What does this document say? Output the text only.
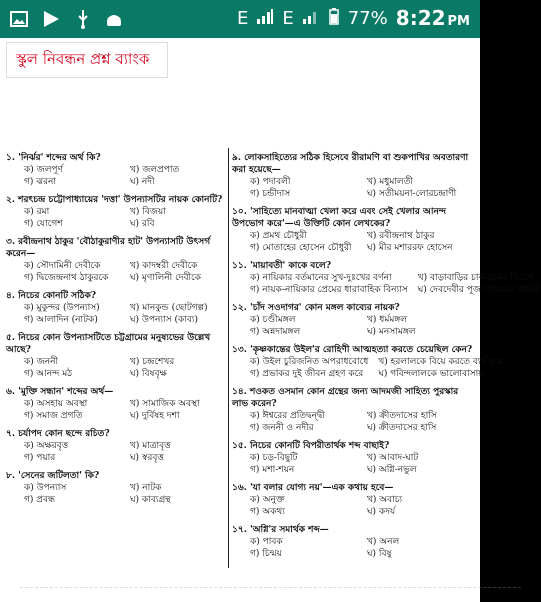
E E	77% 8:22 PM
স্কুল নিবন্ধন প্রশ্ন ব্যাংক
১. 'নির্ঝর' শব্দের অর্থ কি?
ক) জলপূর্ণ	খ) জলপ্রপাত
গ) ঝরনা	ঘ) নদী
২. শরৎচন্দ্র চট্টোপাধ্যায়ের 'দত্তা' উপন্যাসটির নায়ক কোনটি?
ক) রমা	খ) বিজয়া
গ) যোগেশ	ঘ) রবি
৩. রবীন্দ্রনাথ ঠাকুর 'বৌঠাকুরাণীর হাট' উপন্যাসটি উৎসর্গ করেন—
ক) সৌদামিনী দেবীকে	খ) কাদম্বরী দেবীকে
গ) দ্বিজেন্দ্রনাথ ঠাকুরকে	ঘ) মৃণালিনী দেবীকে
৪. নিচের কোনটি সঠিক?
ক) মুকুন্দর (উপন্যাস)	খ) মানকুন্ড (ছোটগল্প)
গ) আলাদিন (নাটক)	ঘ) উপন্যাস (কাব্য)
৫. নিচের কোন উপন্যাসটিতে চট্টগ্রামের মনুষ্যভের উল্লেখ আছে?
ক) জননী	খ) চন্দ্রশেখর
গ) আনন্দ মঠ	ঘ) বিষবৃক্ষ
৬. 'মুক্তি সন্ধান' শব্দের অর্থ—
ক) অসহায় অবস্থা	খ) সামাজিক অবস্থা
গ) সমাজ প্রগতি	ঘ) দুর্বিষহ দশা
৭. চর্যাপদ কোন ছন্দে রচিত?
ক) অক্ষরবৃত্ত	খ) মাত্রাবৃত্ত
গ) পয়ার	ঘ) স্বরবৃত্ত
৮. 'সেনের জটিলতা' কি?
ক) উপন্যাস	খ) নাটক
গ) প্রবন্ধ	ঘ) কাব্যগ্রন্থ
৯. লোকসাহিত্যের সঠিক হিসেবে রীরামণি বা শুকপাখির অবতারণা করা হয়েছে—
ক) পদাবলী	খ) মধুমালতী
গ) চন্ডীদাস	ঘ) সতীময়না-লোরচন্দ্রাণী
১০. 'সাহিত্যে মানবাত্মা খেলা করে এবং সেই খেলার আনন্দ উপভোগ করে'—এ উক্তিটি কোন লেখকের?
ক) প্রমথ চৌধুরী	খ) রবীন্দ্রনাথ ঠাকুর
গ) মোতাহের হোসেন চৌধুরী	ঘ) মীর মশাররফ হোসেন
১১. 'মায়াবতী' কাকে বলে?
ক) নায়িকার বর্তমানের সুখ-দুঃখের বর্ণনা	খ) বাড়াবাড়ির চাকবাকের বিবরণ
গ) নায়ক-নায়িকার প্রেমের ধারাবাহিক বিন্যাস ঘ) দেবদেবীর পূজা প্রচারের কাহিনী
১২. 'চাঁদ সওদাগর' কোন মঙ্গল কাব্যের নায়ক?
ক) চণ্ডীমঙ্গল	খ) ধর্মমঙ্গল
গ) অন্নদামঙ্গল	ঘ) মনসামঙ্গল
১৩. 'কৃষ্ণকান্তের উইল'র রোহিণী আত্মহত্যা করতে চেয়েছিল কেন?
ক) উইল চুরিজনিত অপরাধবোধে খ) হরলালকে বিয়ে করতে ব্যর্থ হয়ে
গ) প্রভাকর দুই জীবন গ্রহণ করে	ঘ) গবিন্দলালকে ভালোবাসায়
১৪. শওকত ওসমান কোন গ্রন্থের জন্য আদমজী সাহিত্য পুরস্কার লাভ করেন?
ক) ঈশ্বরের প্রতিদ্বন্দ্বী	খ) ক্রীতদাসের হাসি
গ) জননী ও নদীর	ঘ) ক্রীতদাসের হাসি
১৫. নিচের কোনটি বিপরীতার্থক শব্দ বাছাই?
ক) চড়-বিছুটি	খ) আবাদ-ঘাট
গ) মশা-শয়ন	ঘ) অগ্নি-নভুল
১৬. 'যা বলার যোগ্য নয়'—এক কথায় হবে—
ক) অনুক্ত	খ) অবাচ্য
গ) অকথ্য	ঘ) কদর্য
১৭. 'অগ্নি'র সমার্থক শব্দ—
ক) পাবক	খ) অনল
গ) চিন্ময়	ঘ) বিষু
